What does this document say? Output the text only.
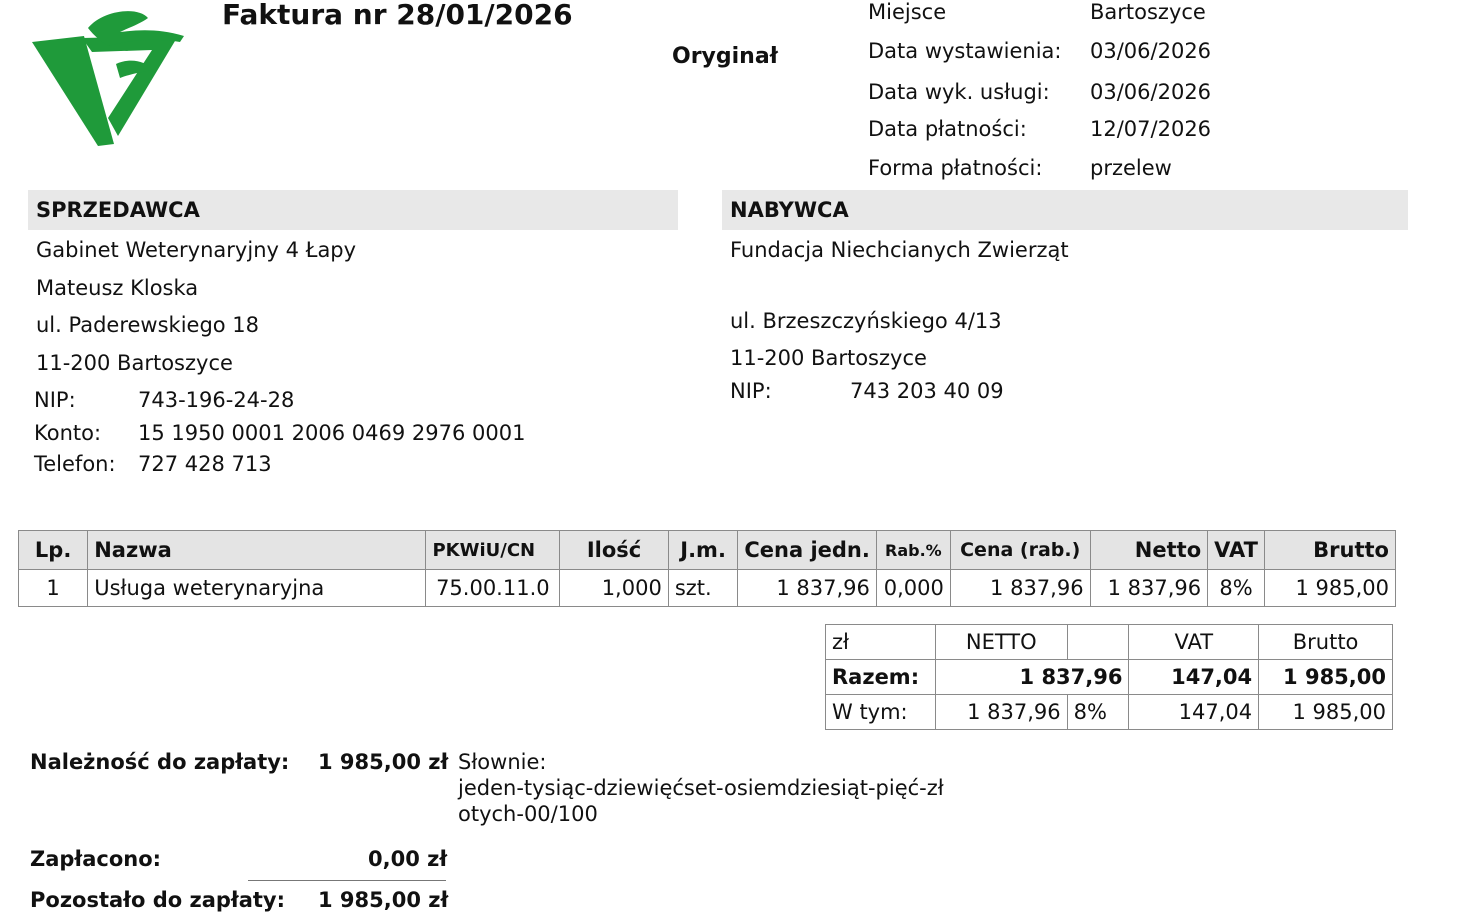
Faktura nr 28/01/2026
Oryginał
Miejsce	Bartoszyce
Data wystawienia: 03/06/2026
Data wyk. usługi: 03/06/2026
Data płatności:	12/07/2026
Forma płatności: przelew
SPRZEDAWCA
Gabinet Weterynaryjny 4 Łapy
Mateusz Kloska
ul. Paderewskiego 18
11-200 Bartoszyce
NIP:	743-196-24-28
Konto: 15 1950 0001 2006 0469 2976 0001
Telefon: 727 428 713
NABYWCA
Fundacja Niechcianych Zwierząt
ul. Brzeszczyńskiego 4/13
11-200 Bartoszyce
NIP:	743 203 40 09
Lp.	Nazwa	PKWiU/CN	Ilość	J.m.	Cena jedn.	Rab.%	Cena (rab.)	Netto	VAT	Brutto
1	Usługa weterynaryjna	75.00.11.0	1,000	szt.	1 837,96	0,000	1 837,96	1 837,96	8%	1 985,00
zł	NETTO		VAT	Brutto
Razem:	1 837,96		147,04	1 985,00
W tym:	1 837,96	8%	147,04	1 985,00
Należność do zapłaty: 1 985,00 zł Słownie:
jeden-tysiąc-dziewięćset-osiemdziesiąt-pięć-zł
otych-00/100
Zapłacono:	0,00 zł
Pozostało do zapłaty: 1 985,00 zł
